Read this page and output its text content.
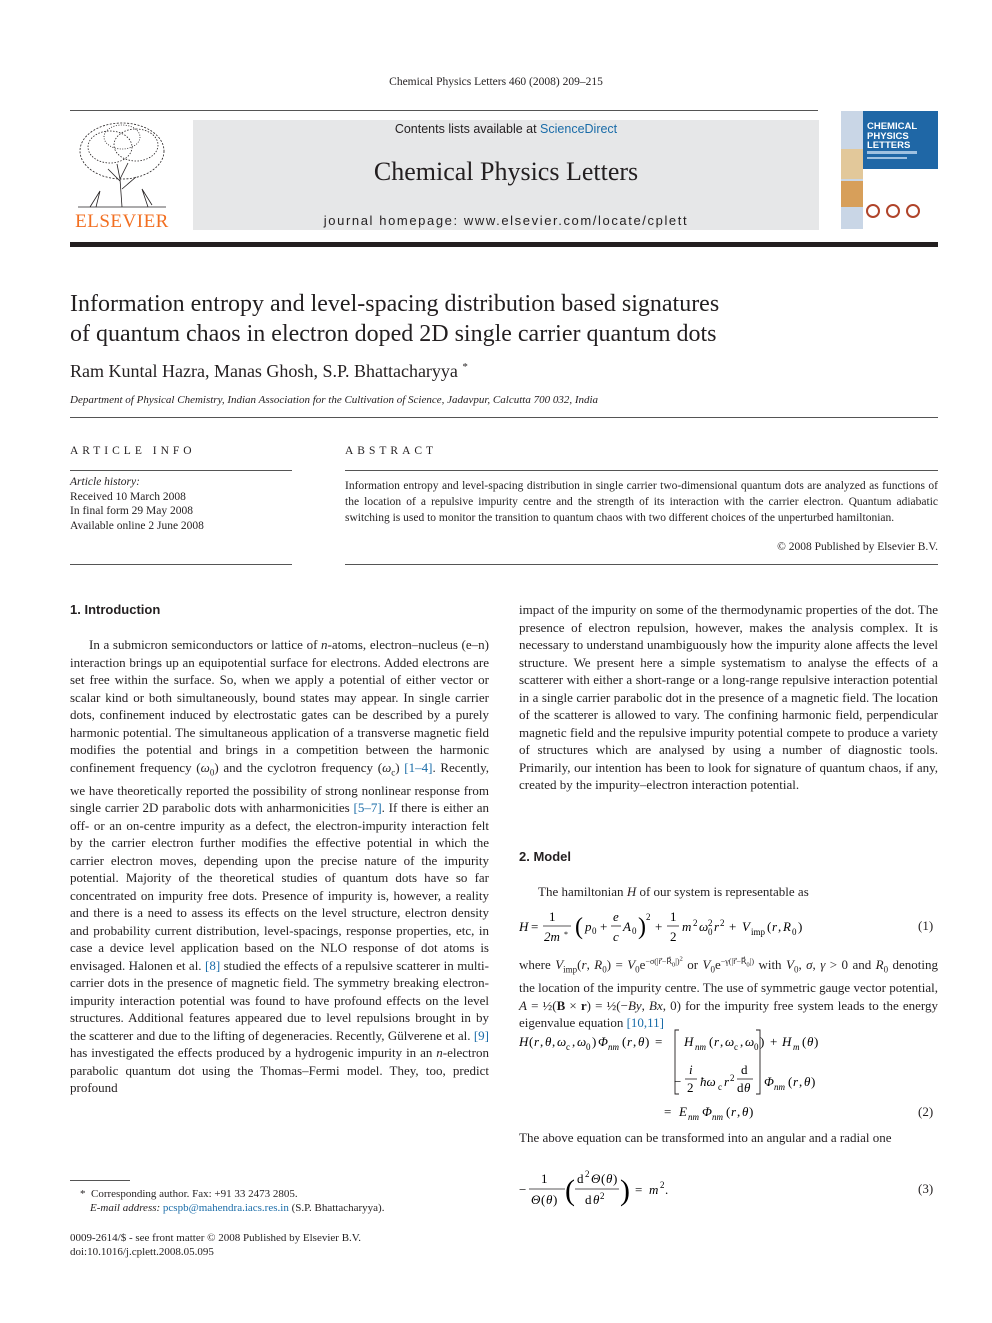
Chemical Physics Letters 460 (2008) 209–215
ELSEVIER
Contents lists available at ScienceDirect
Chemical Physics Letters
journal homepage: www.elsevier.com/locate/cplett
CHEMICAL
PHYSICS
LETTERS
Information entropy and level-spacing distribution based signatures
of quantum chaos in electron doped 2D single carrier quantum dots
Ram Kuntal Hazra, Manas Ghosh, S.P. Bhattacharyya *
Department of Physical Chemistry, Indian Association for the Cultivation of Science, Jadavpur, Calcutta 700 032, India
ARTICLE INFO
Article history:
Received 10 March 2008
In final form 29 May 2008
Available online 2 June 2008
ABSTRACT
Information entropy and level-spacing distribution in single carrier two-dimensional quantum dots are analyzed as functions of the location of a repulsive impurity centre and the strength of its interaction with the carrier electron. Quantum adiabatic switching is used to monitor the transition to quantum chaos with two different choices of the unperturbed hamiltonian.
© 2008 Published by Elsevier B.V.
1. Introduction

In a submicron semiconductors or lattice of n-atoms, electron–nucleus (e–n) interaction brings up an equipotential surface for electrons. Added electrons are set free within the surface. So, when we apply a potential of either vector or scalar kind or both simultaneously, bound states may appear. In single carrier dots, confinement induced by electrostatic gates can be described by a purely harmonic potential. The simultaneous application of a transverse magnetic field modifies the potential and brings in a competition between the harmonic confinement frequency $(\omega_0)$ and the cyclotron frequency $(\omega_c)$ [1–4]. Recently, we have theoretically reported the possibility of strong nonlinear response from single carrier 2D parabolic dots with anharmonicities [5–7]. If there is either an off- or an on-centre impurity as a defect, the electron-impurity interaction felt by the carrier electron further modifies the effective potential in which the carrier electron moves, depending upon the precise nature of the impurity potential. Majority of the theoretical studies of quantum dots have so far concentrated on impurity free dots. Presence of impurity is, however, a reality and there is a need to assess its effects on the level structure, electron density and probability current distribution, level-spacings, response properties, etc, in case a device level application based on the NLO response of dot atoms is envisaged. Halonen et al. [8] studied the effects of a repulsive scatterer in multi-carrier dots in the presence of magnetic field. The symmetry breaking electron-impurity interaction potential was found to have profound effects on the level structures. Additional features appeared due to level repulsions brought in by the scatterer and due to the lifting of degeneracies. Recently, Gülverene et al. [9] has investigated the effects produced by a hydrogenic impurity in an n-electron parabolic quantum dot using the Thomas–Fermi model. They, too, predict profound

* Corresponding author. Fax: +91 33 2473 2805.
E-mail address: pcspb@mahendra.iacs.res.in (S.P. Bhattacharyya).
0009-2614/$ - see front matter © 2008 Published by Elsevier B.V.
doi:10.1016/j.cplett.2008.05.095
impact of the impurity on some of the thermodynamic properties of the dot. The presence of electron repulsion, however, makes the analysis complex. It is necessary to understand unambiguously how the impurity alone affects the level structure. We present here a simple systematism to analyse the effects of a scatterer with either a short-range or a long-range repulsive interaction potential in a single carrier parabolic dot in the presence of a magnetic field. The location of the scatterer is allowed to vary. The confining harmonic field, perpendicular magnetic field and the repulsive impurity potential compete to produce a variety of structures which are analysed by using a number of diagnostic tools. Primarily, our intention has been to look for signature of quantum chaos, if any, created by the impurity–electron interaction potential.
2. Model
The hamiltonian H of our system is representable as
H =
1
2m * ( p 0 +
e
c
A 0 ) 2
+
1
2
m 2 ω 2
0 r 2 + V imp ( r , R 0 )	(1)
where $V_{imp}(r$, $R_0) = V_0e^{-\sigma(|r⃗-R⃗_0|)^2}$ or $V_0e^{-\gamma(|r⃗-R⃗_0|)}$ with $V_0$, σ, γ > 0 and $R_0$ denoting the location of the impurity centre. The use of symmetric gauge vector potential, A = ½(B × r) = ½(−By, Bx, 0) for the impurity free system leads to the energy eigenvalue equation [10,11]
H ( r , θ , ω c , ω 0 ) Φ nm ( r , θ ) = H nm ( r , ω c , ω 0 ) + H m ( θ )
−
i
2 ħω c r 2
d
d θ Φ nm ( r , θ )
= E nm Φ nm ( r , θ )	(2)
The above equation can be transformed into an angular and a radial one
−
1
Θ ( θ ) ( d 2 Θ ( θ )
d θ 2 ) = m 2 .	(3)
